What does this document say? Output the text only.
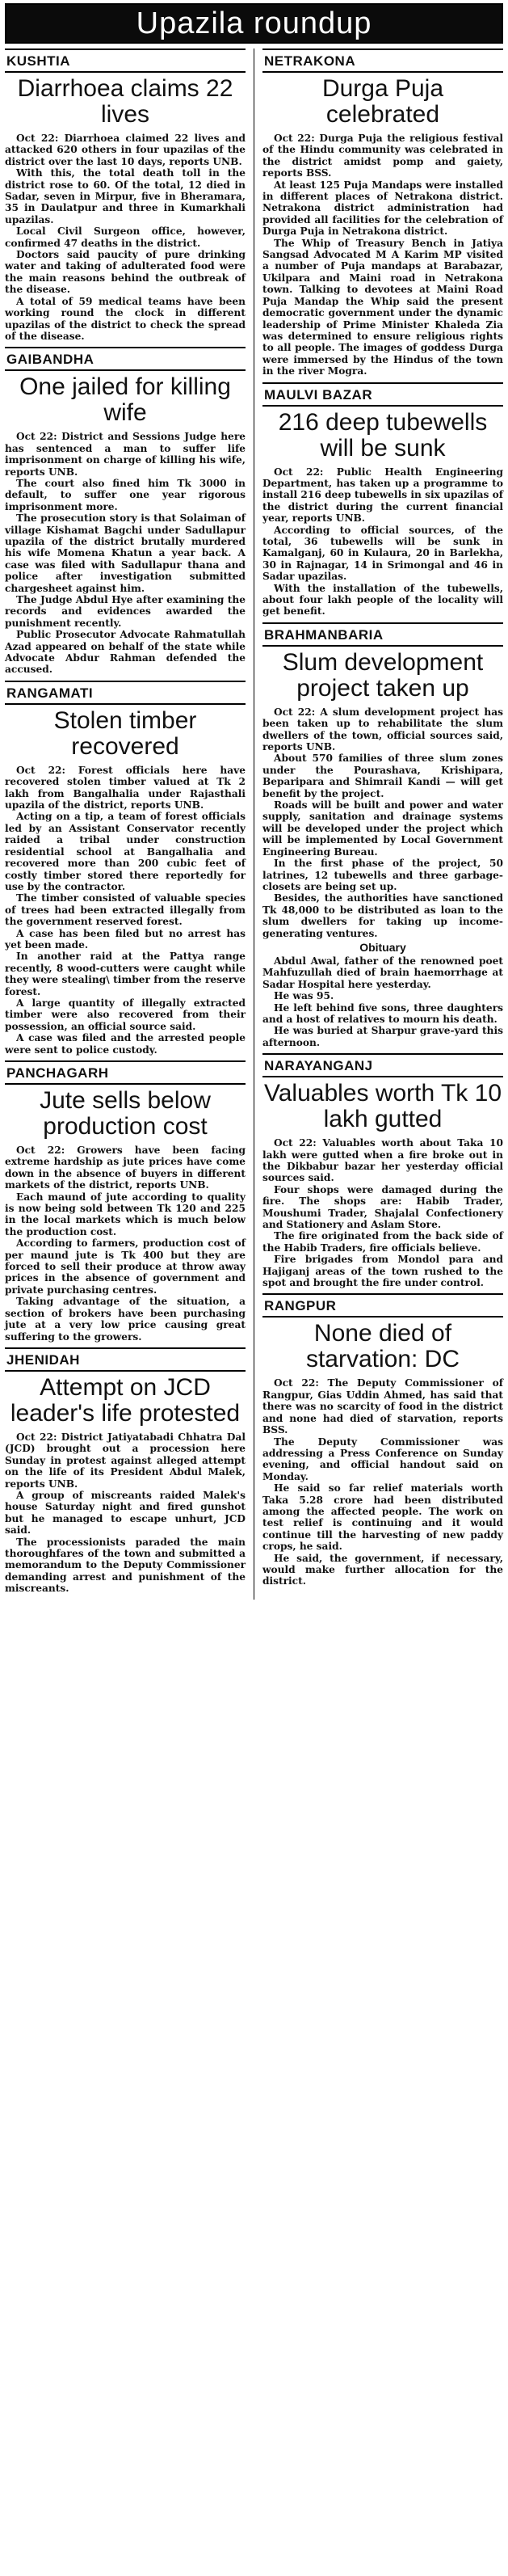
Upazila roundup
KUSHTIA
Diarrhoea claims 22 lives

Oct 22: Diarrhoea claimed 22 lives and attacked 620 others in four upazilas of the district over the last 10 days, reports UNB.

With this, the total death toll in the district rose to 60. Of the total, 12 died in Sadar, seven in Mirpur, five in Bheramara, 35 in Daulatpur and three in Kumarkhali upazilas.

Local Civil Surgeon office, however, confirmed 47 deaths in the district.

Doctors said paucity of pure drinking water and taking of adulterated food were the main reasons behind the outbreak of the disease.

A total of 59 medical teams have been working round the clock in different upazilas of the district to check the spread of the disease.

GAIBANDHA
One jailed for killing wife

Oct 22: District and Sessions Judge here has sentenced a man to suffer life imprisonment on charge of killing his wife, reports UNB.

The court also fined him Tk 3000 in default, to suffer one year rigorous imprisonment more.

The prosecution story is that Solaiman of village Kishamat Bagchi under Sadullapur upazila of the district brutally murdered his wife Momena Khatun a year back. A case was filed with Sadullapur thana and police after investigation submitted chargesheet against him.

The Judge Abdul Hye after examining the records and evidences awarded the punishment recently.

Public Prosecutor Advocate Rahmatullah Azad appeared on behalf of the state while Advocate Abdur Rahman defended the accused.

RANGAMATI
Stolen timber recovered

Oct 22: Forest officials here have recovered stolen timber valued at Tk 2 lakh from Bangalhalia under Rajasthali upazila of the district, reports UNB.

Acting on a tip, a team of forest officials led by an Assistant Conservator recently raided a tribal under construction residential school at Bangalhalia and recovered more than 200 cubic feet of costly timber stored there reportedly for use by the contractor.

The timber consisted of valuable species of trees had been extracted illegally from the government reserved forest.

A case has been filed but no arrest has yet been made.

In another raid at the Pattya range recently, 8 wood-cutters were caught while they were stealing\ timber from the reserve forest.

A large quantity of illegally extracted timber were also recovered from their possession, an official source said.

A case was filed and the arrested people were sent to police custody.

PANCHAGARH
Jute sells below production cost

Oct 22: Growers have been facing extreme hardship as jute prices have come down in the absence of buyers in different markets of the district, reports UNB.

Each maund of jute according to quality is now being sold between Tk 120 and 225 in the local markets which is much below the production cost.

According to farmers, production cost of per maund jute is Tk 400 but they are forced to sell their produce at throw away prices in the absence of government and private purchasing centres.

Taking advantage of the situation, a section of brokers have been purchasing jute at a very low price causing great suffering to the growers.

JHENIDAH
Attempt on JCD leader's life protested

Oct 22: District Jatiyatabadi Chhatra Dal (JCD) brought out a procession here Sunday in protest against alleged attempt on the life of its President Abdul Malek, reports UNB.

A group of miscreants raided Malek's house Saturday night and fired gunshot but he managed to escape unhurt, JCD said.

The processionists paraded the main thoroughfares of the town and submitted a memorandum to the Deputy Commissioner demanding arrest and punishment of the miscreants.

NETRAKONA
Durga Puja celebrated

Oct 22: Durga Puja the religious festival of the Hindu community was celebrated in the district amidst pomp and gaiety, reports BSS.

At least 125 Puja Mandaps were installed in different places of Netrakona district. Netrakona district administration had provided all facilities for the celebration of Durga Puja in Netrakona district.

The Whip of Treasury Bench in Jatiya Sangsad Advocated M A Karim MP visited a number of Puja mandaps at Barabazar, Ukilpara and Maini road in Netrakona town. Talking to devotees at Maini Road Puja Mandap the Whip said the present democratic government under the dynamic leadership of Prime Minister Khaleda Zia was determined to ensure religious rights to all people. The images of goddess Durga were immersed by the Hindus of the town in the river Mogra.

MAULVI BAZAR
216 deep tubewells will be sunk

Oct 22: Public Health Engineering Department, has taken up a programme to install 216 deep tubewells in six upazilas of the district during the current financial year, reports UNB.

According to official sources, of the total, 36 tubewells will be sunk in Kamalganj, 60 in Kulaura, 20 in Barlekha, 30 in Rajnagar, 14 in Srimongal and 46 in Sadar upazilas.

With the installation of the tubewells, about four lakh people of the locality will get benefit.

BRAHMANBARIA
Slum development project taken up

Oct 22: A slum development project has been taken up to rehabilitate the slum dwellers of the town, official sources said, reports UNB.

About 570 families of three slum zones under the Pourashava, Krishipara, Beparipara and Shimrail Kandi — will get benefit by the project.

Roads will be built and power and water supply, sanitation and drainage systems will be developed under the project which will be implemented by Local Government Engineering Bureau.

In the first phase of the project, 50 latrines, 12 tubewells and three garbage-closets are being set up.

Besides, the authorities have sanctioned Tk 48,000 to be distributed as loan to the slum dwellers for taking up income-generating ventures.

Obituary

Abdul Awal, father of the renowned poet Mahfuzullah died of brain haemorrhage at Sadar Hospital here yesterday.

He was 95.

He left behind five sons, three daughters and a host of relatives to mourn his death.

He was buried at Sharpur grave-yard this afternoon.

NARAYANGANJ
Valuables worth Tk 10 lakh gutted

Oct 22: Valuables worth about Taka 10 lakh were gutted when a fire broke out in the Dikbabur bazar her yesterday official sources said.

Four shops were damaged during the fire. The shops are: Habib Trader, Moushumi Trader, Shajalal Confectionery and Stationery and Aslam Store.

The fire originated from the back side of the Habib Traders, fire officials believe.

Fire brigades from Mondol para and Hajiganj areas of the town rushed to the spot and brought the fire under control.

RANGPUR
None died of starvation: DC

Oct 22: The Deputy Commissioner of Rangpur, Gias Uddin Ahmed, has said that there was no scarcity of food in the district and none had died of starvation, reports BSS.

The Deputy Commissioner was addressing a Press Conference on Sunday evening, and official handout said on Monday.

He said so far relief materials worth Taka 5.28 crore had been distributed among the affected people. The work on test relief is continuing and it would continue till the harvesting of new paddy crops, he said.

He said, the government, if necessary, would make further allocation for the district.
